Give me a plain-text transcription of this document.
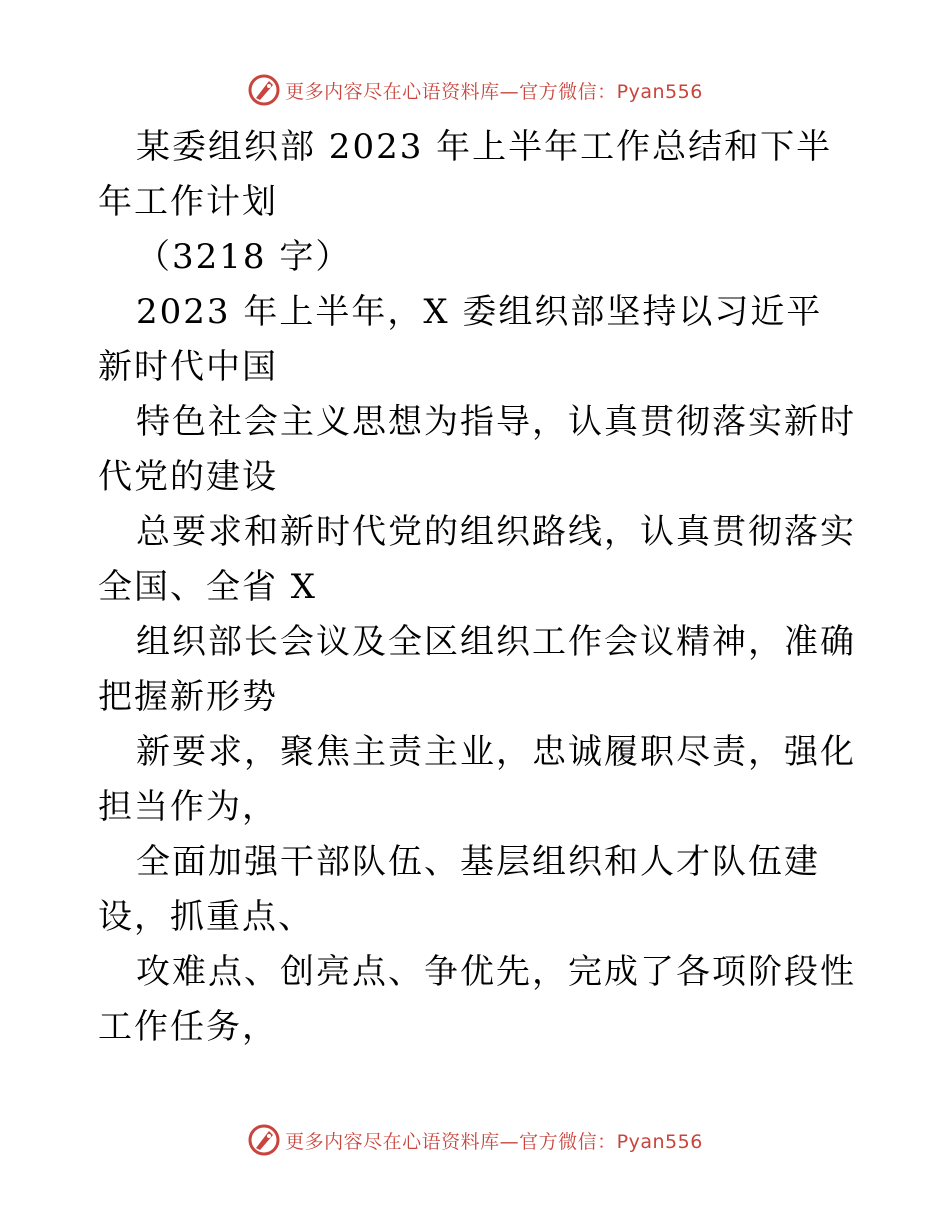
更多内容尽在心语资料库—官方微信：Pyan556

某委组织部 2023 年上半年工作总结和下半年工作计划

（3218 字）

2023 年上半年，X 委组织部坚持以习近平新时代中国

特色社会主义思想为指导，认真贯彻落实新时代党的建设

总要求和新时代党的组织路线，认真贯彻落实全国、全省 X

组织部长会议及全区组织工作会议精神，准确把握新形势

新要求，聚焦主责主业，忠诚履职尽责，强化担当作为，

全面加强干部队伍、基层组织和人才队伍建设，抓重点、

攻难点、创亮点、争优先，完成了各项阶段性工作任务，

更多内容尽在心语资料库—官方微信：Pyan556
